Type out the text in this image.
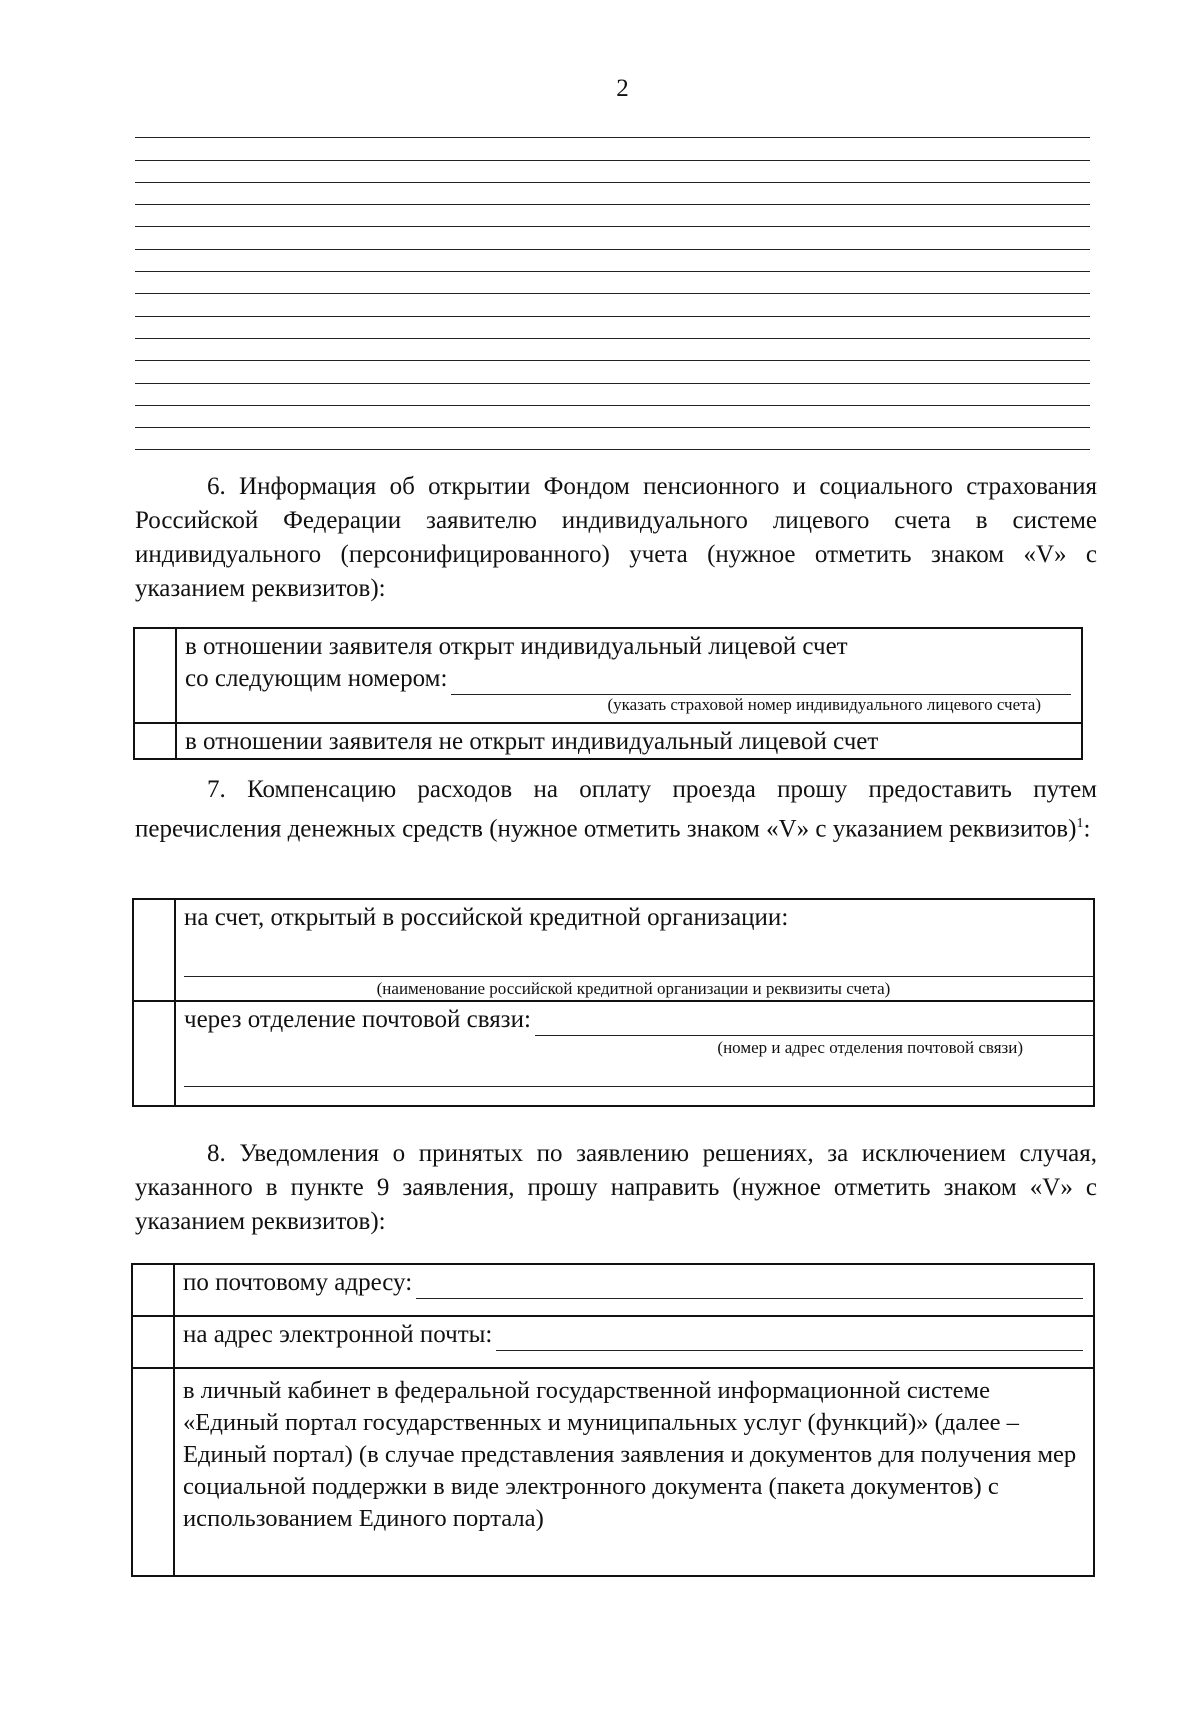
2
6. Информация об открытии Фондом пенсионного и социального страхования Российской Федерации заявителю индивидуального лицевого счета в системе индивидуального (персонифицированного) учета (нужное отметить знаком «V» с указанием реквизитов):

в отношении заявителя открыт индивидуальный лицевой счет
со следующим номером:
(указать страховой номер индивидуального лицевого счета)

в отношении заявителя не открыт индивидуальный лицевой счет
7. Компенсацию расходов на оплату проезда прошу предоставить путем перечисления денежных средств (нужное отметить знаком «V» с указанием реквизитов)$^1$:

на счет, открытый в российской кредитной организации:
(наименование российской кредитной организации и реквизиты счета)

	через отделение почтовой связи:
(номер и адрес отделения почтовой связи)
8. Уведомления о принятых по заявлению решениях, за исключением случая, указанного в пункте 9 заявления, прошу направить (нужное отметить знаком «V» с указанием реквизитов):

	по почтовому адресу:

	на адрес электронной почты:

	в личный кабинет в федеральной государственной информационной системе «Единый портал государственных и муниципальных услуг (функций)» (далее – Единый портал) (в случае представления заявления и документов для получения мер социальной поддержки в виде электронного документа (пакета документов) с использованием Единого портала)
